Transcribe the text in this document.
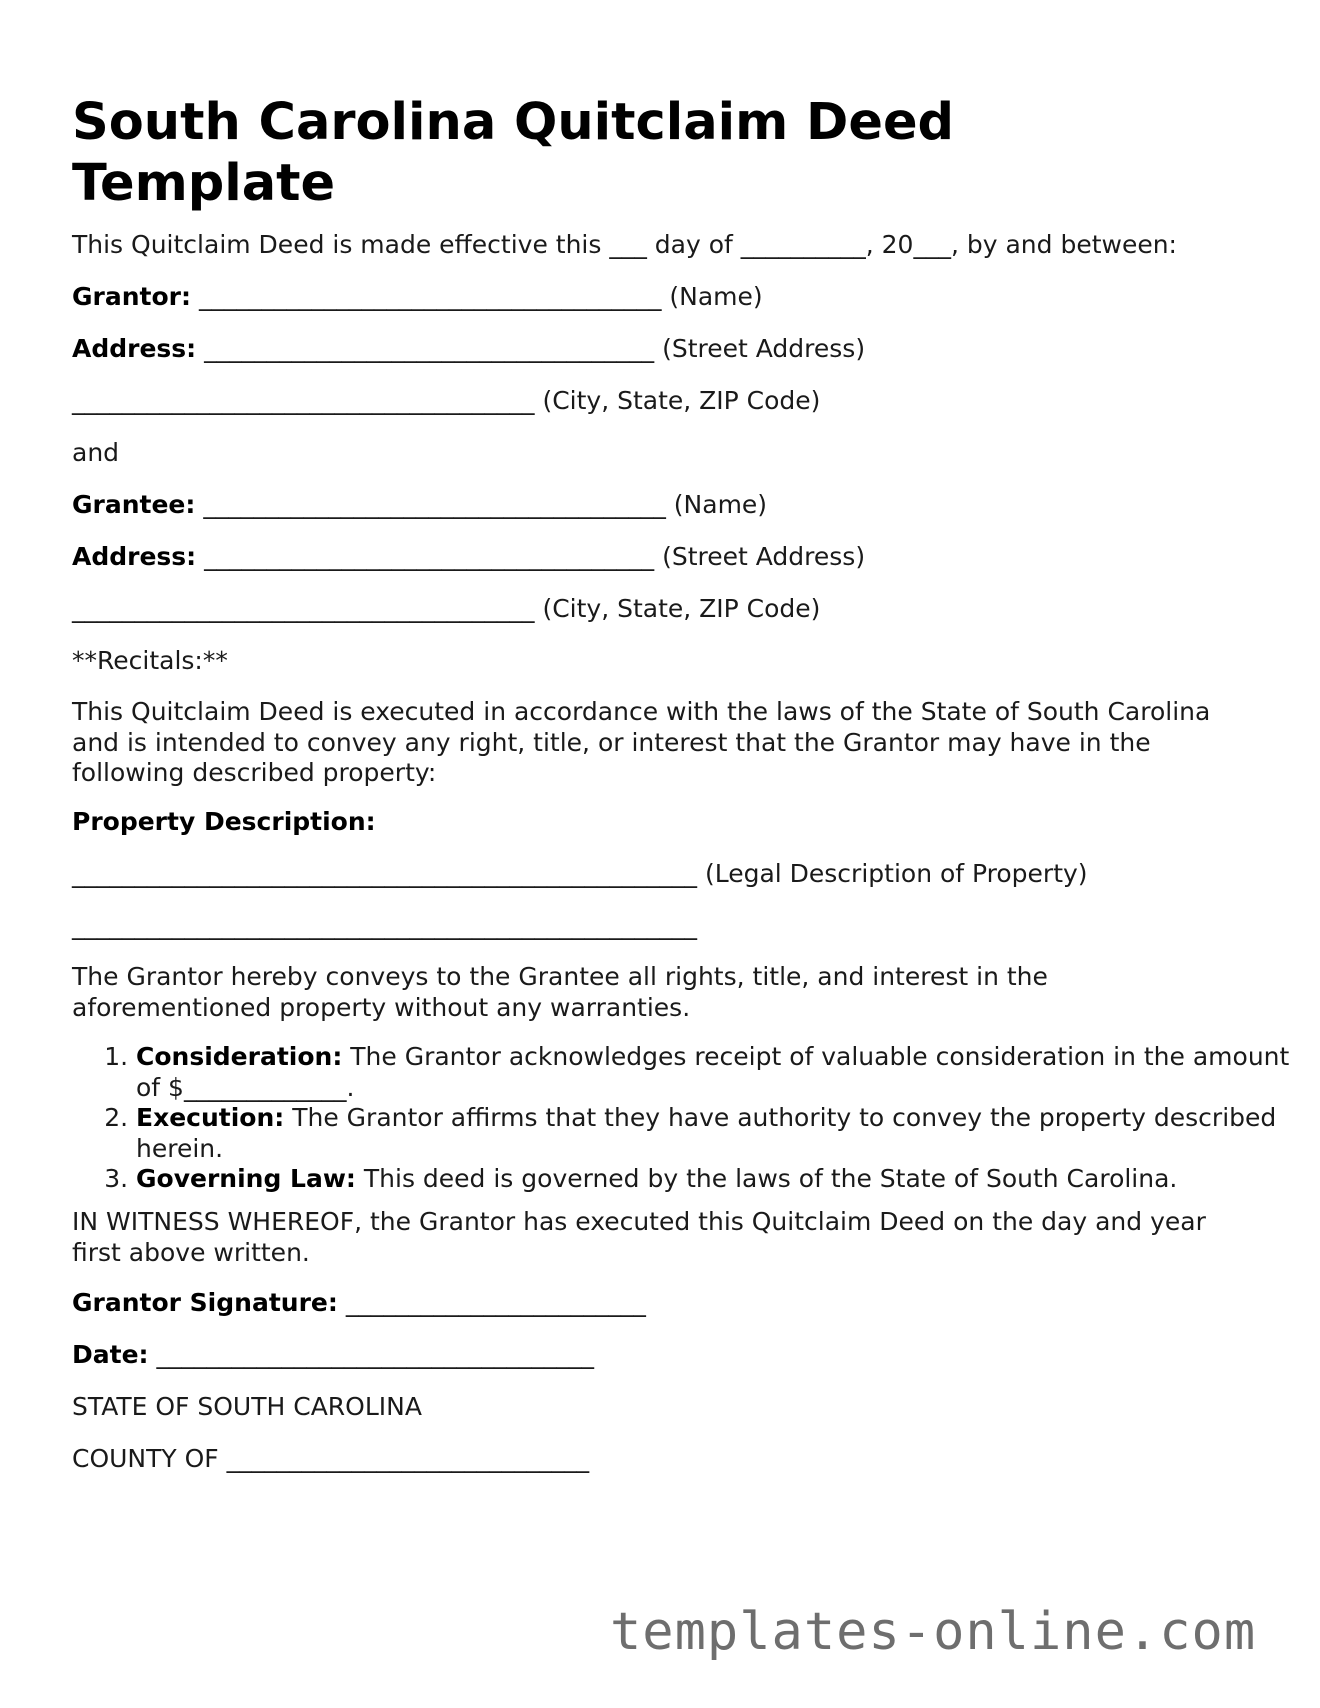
South Carolina Quitclaim Deed Template
This Quitclaim Deed is made effective this ___ day of __________, 20___, by and between:
Grantor: _____________________________________ (Name)
Address: ____________________________________ (Street Address)
_____________________________________ (City, State, ZIP Code)
and
Grantee: _____________________________________ (Name)
Address: ____________________________________ (Street Address)
_____________________________________ (City, State, ZIP Code)
**Recitals:**
This Quitclaim Deed is executed in accordance with the laws of the State of South Carolina and is intended to convey any right, title, or interest that the Grantor may have in the following described property:
Property Description:
__________________________________________________ (Legal Description of Property)
__________________________________________________
The Grantor hereby conveys to the Grantee all rights, title, and interest in the aforementioned property without any warranties.
1. Consideration: The Grantor acknowledges receipt of valuable consideration in the amount of $_____________.
2. Execution: The Grantor affirms that they have authority to convey the property described herein.
3. Governing Law: This deed is governed by the laws of the State of South Carolina.
IN WITNESS WHEREOF, the Grantor has executed this Quitclaim Deed on the day and year first above written.
Grantor Signature: ________________________
Date: ___________________________________
STATE OF SOUTH CAROLINA
COUNTY OF _____________________________
templates-online.com
